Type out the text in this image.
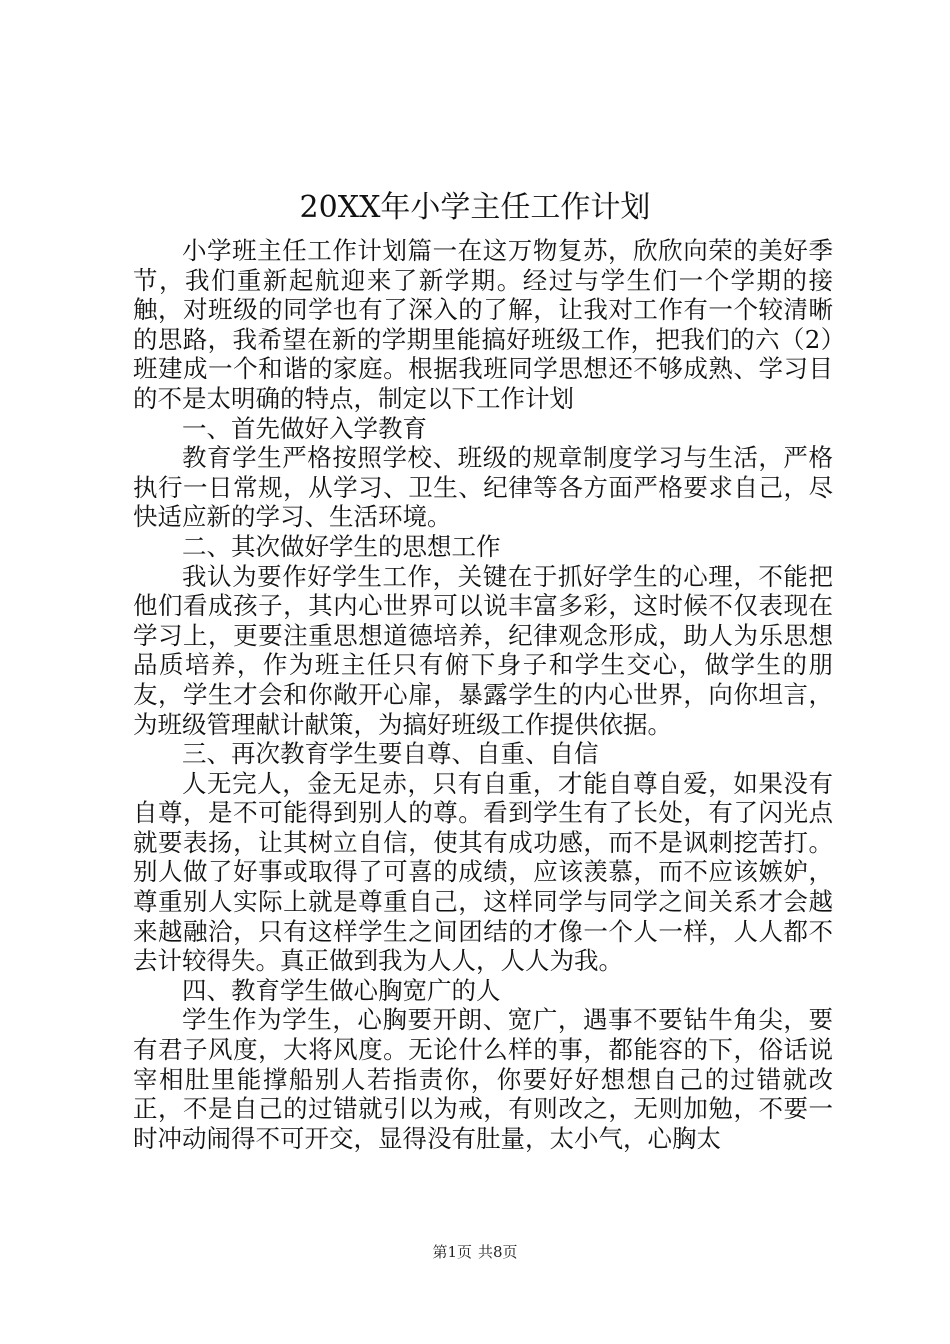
20XX年小学主任工作计划

小学班主任工作计划篇一在这万物复苏，欣欣向荣的美好季节，我们重新起航迎来了新学期。经过与学生们一个学期的接触，对班级的同学也有了深入的了解，让我对工作有一个较清晰的思路，我希望在新的学期里能搞好班级工作，把我们的六（2）班建成一个和谐的家庭。根据我班同学思想还不够成熟、学习目的不是太明确的特点，制定以下工作计划

一、首先做好入学教育

教育学生严格按照学校、班级的规章制度学习与生活，严格执行一日常规，从学习、卫生、纪律等各方面严格要求自己，尽快适应新的学习、生活环境。

二、其次做好学生的思想工作

我认为要作好学生工作，关键在于抓好学生的心理，不能把他们看成孩子，其内心世界可以说丰富多彩，这时候不仅表现在学习上，更要注重思想道德培养，纪律观念形成，助人为乐思想品质培养，作为班主任只有俯下身子和学生交心，做学生的朋友，学生才会和你敞开心扉，暴露学生的内心世界，向你坦言，为班级管理献计献策，为搞好班级工作提供依据。

三、再次教育学生要自尊、自重、自信

人无完人，金无足赤，只有自重，才能自尊自爱，如果没有自尊，是不可能得到别人的尊。看到学生有了长处，有了闪光点就要表扬，让其树立自信，使其有成功感，而不是讽刺挖苦打。别人做了好事或取得了可喜的成绩，应该羡慕，而不应该嫉妒，尊重别人实际上就是尊重自己，这样同学与同学之间关系才会越来越融洽，只有这样学生之间团结的才像一个人一样，人人都不去计较得失。真正做到我为人人，人人为我。

四、教育学生做心胸宽广的人

学生作为学生，心胸要开朗、宽广，遇事不要钻牛角尖，要有君子风度，大将风度。无论什么样的事，都能容的下，俗话说宰相肚里能撑船别人若指责你，你要好好想想自己的过错就改正，不是自己的过错就引以为戒，有则改之，无则加勉，不要一时冲动闹得不可开交，显得没有肚量，太小气，心胸太

第1页 共8页
